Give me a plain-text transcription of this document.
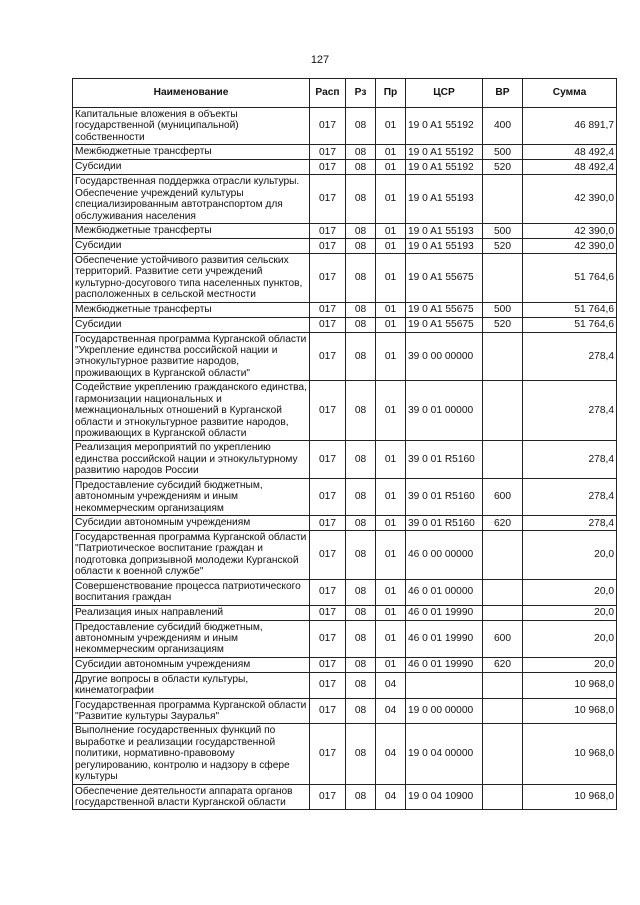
127
Наименование	Расп	Рз	Пр	ЦСР	ВР	Сумма
Капитальные вложения в объекты государственной (муниципальной) собственности	017	08	01	19 0 A1 55192	400	46 891,7
Межбюджетные трансферты	017	08	01	19 0 A1 55192	500	48 492,4
Субсидии	017	08	01	19 0 A1 55192	520	48 492,4
Государственная поддержка отрасли культуры. Обеспечение учреждений культуры специализированным автотранспортом для обслуживания населения	017	08	01	19 0 A1 55193		42 390,0
Межбюджетные трансферты	017	08	01	19 0 A1 55193	500	42 390,0
Субсидии	017	08	01	19 0 A1 55193	520	42 390,0
Обеспечение устойчивого развития сельских территорий. Развитие сети учреждений культурно-досугового типа населенных пунктов, расположенных в сельской местности	017	08	01	19 0 A1 55675		51 764,6
Межбюджетные трансферты	017	08	01	19 0 A1 55675	500	51 764,6
Субсидии	017	08	01	19 0 A1 55675	520	51 764,6
Государственная программа Курганской области "Укрепление единства российской нации и этнокультурное развитие народов, проживающих в Курганской области"	017	08	01	39 0 00 00000		278,4
Содействие укреплению гражданского единства, гармонизации национальных и межнациональных отношений в Курганской области и этнокультурное развитие народов, проживающих в Курганской области	017	08	01	39 0 01 00000		278,4
Реализация мероприятий по укреплению единства российской нации и этнокультурному развитию народов России	017	08	01	39 0 01 R5160		278,4
Предоставление субсидий бюджетным, автономным учреждениям и иным некоммерческим организациям	017	08	01	39 0 01 R5160	600	278,4
Субсидии автономным учреждениям	017	08	01	39 0 01 R5160	620	278,4
Государственная программа Курганской области "Патриотическое воспитание граждан и подготовка допризывной молодежи Курганской области к военной службе"	017	08	01	46 0 00 00000		20,0
Совершенствование процесса патриотического воспитания граждан	017	08	01	46 0 01 00000		20,0
Реализация иных направлений	017	08	01	46 0 01 19990		20,0
Предоставление субсидий бюджетным, автономным учреждениям и иным некоммерческим организациям	017	08	01	46 0 01 19990	600	20,0
Субсидии автономным учреждениям	017	08	01	46 0 01 19990	620	20,0
Другие вопросы в области культуры, кинематографии	017	08	04			10 968,0
Государственная программа Курганской области "Развитие культуры Зауралья"	017	08	04	19 0 00 00000		10 968,0
Выполнение государственных функций по выработке и реализации государственной политики, нормативно-правовому регулированию, контролю и надзору в сфере культуры	017	08	04	19 0 04 00000		10 968,0
Обеспечение деятельности аппарата органов государственной власти Курганской области	017	08	04	19 0 04 10900		10 968,0
